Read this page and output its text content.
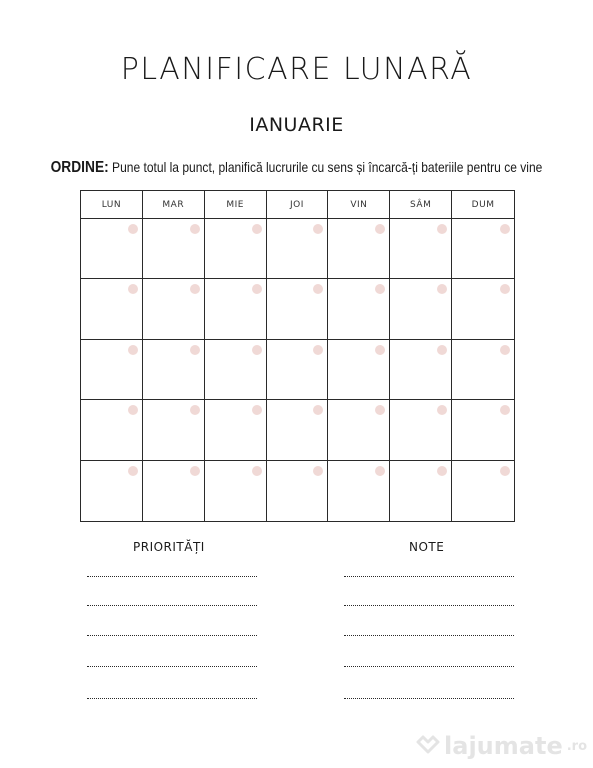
PLANIFICARE LUNARĂ
IANUARIE
ORDINE: Pune totul la punct, planifică lucrurile cu sens și încarcă-ți bateriile pentru ce vine
LUN	MAR	MIE	JOI	VIN	SÂM	DUM
PRIORITĂȚI	NOTE
lajumate .ro
